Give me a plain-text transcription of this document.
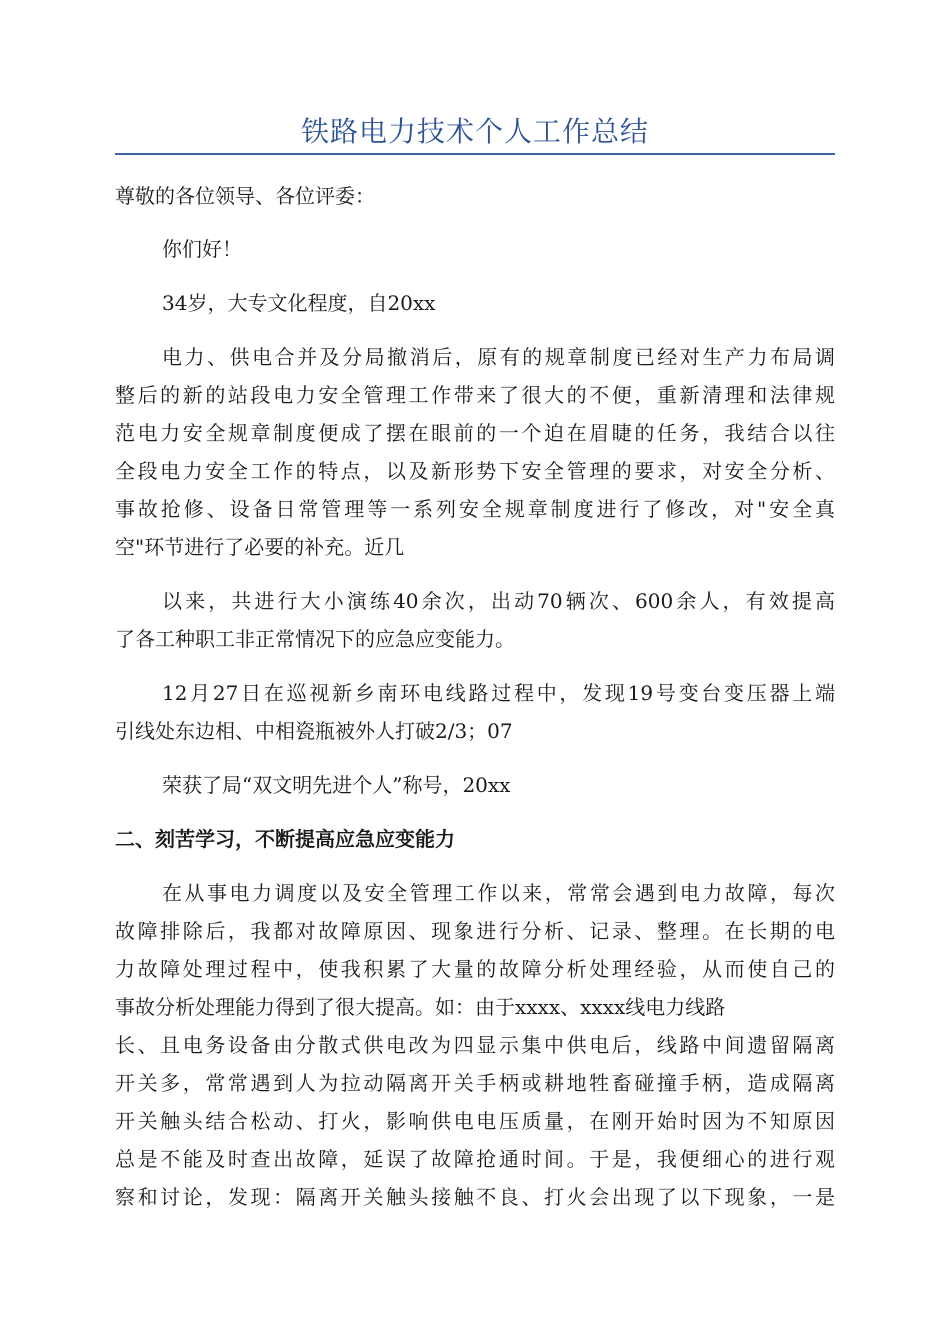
铁路电力技术个人工作总结
尊敬的各位领导、各位评委：
你们好！
34岁，大专文化程度，自20xx
电力、供电合并及分局撤消后，原有的规章制度已经对生产力布局调
整后的新的站段电力安全管理工作带来了很大的不便，重新清理和法律规
范电力安全规章制度便成了摆在眼前的一个迫在眉睫的任务，我结合以往
全段电力安全工作的特点，以及新形势下安全管理的要求，对安全分析、
事故抢修、设备日常管理等一系列安全规章制度进行了修改，对"安全真
空"环节进行了必要的补充。近几
以来，共进行大小演练40余次，出动70辆次、600余人，有效提高
了各工种职工非正常情况下的应急应变能力。
12月27日在巡视新乡南环电线路过程中，发现19号变台变压器上端
引线处东边相、中相瓷瓶被外人打破2/3；07
荣获了局“双文明先进个人”称号，20xx
二、刻苦学习，不断提高应急应变能力
在从事电力调度以及安全管理工作以来，常常会遇到电力故障，每次
故障排除后，我都对故障原因、现象进行分析、记录、整理。在长期的电
力故障处理过程中，使我积累了大量的故障分析处理经验，从而使自己的
事故分析处理能力得到了很大提高。如：由于xxxx、xxxx线电力线路
长、且电务设备由分散式供电改为四显示集中供电后，线路中间遗留隔离
开关多，常常遇到人为拉动隔离开关手柄或耕地牲畜碰撞手柄，造成隔离
开关触头结合松动、打火，影响供电电压质量，在刚开始时因为不知原因
总是不能及时查出故障，延误了故障抢通时间。于是，我便细心的进行观
察和讨论，发现：隔离开关触头接触不良、打火会出现了以下现象，一是
